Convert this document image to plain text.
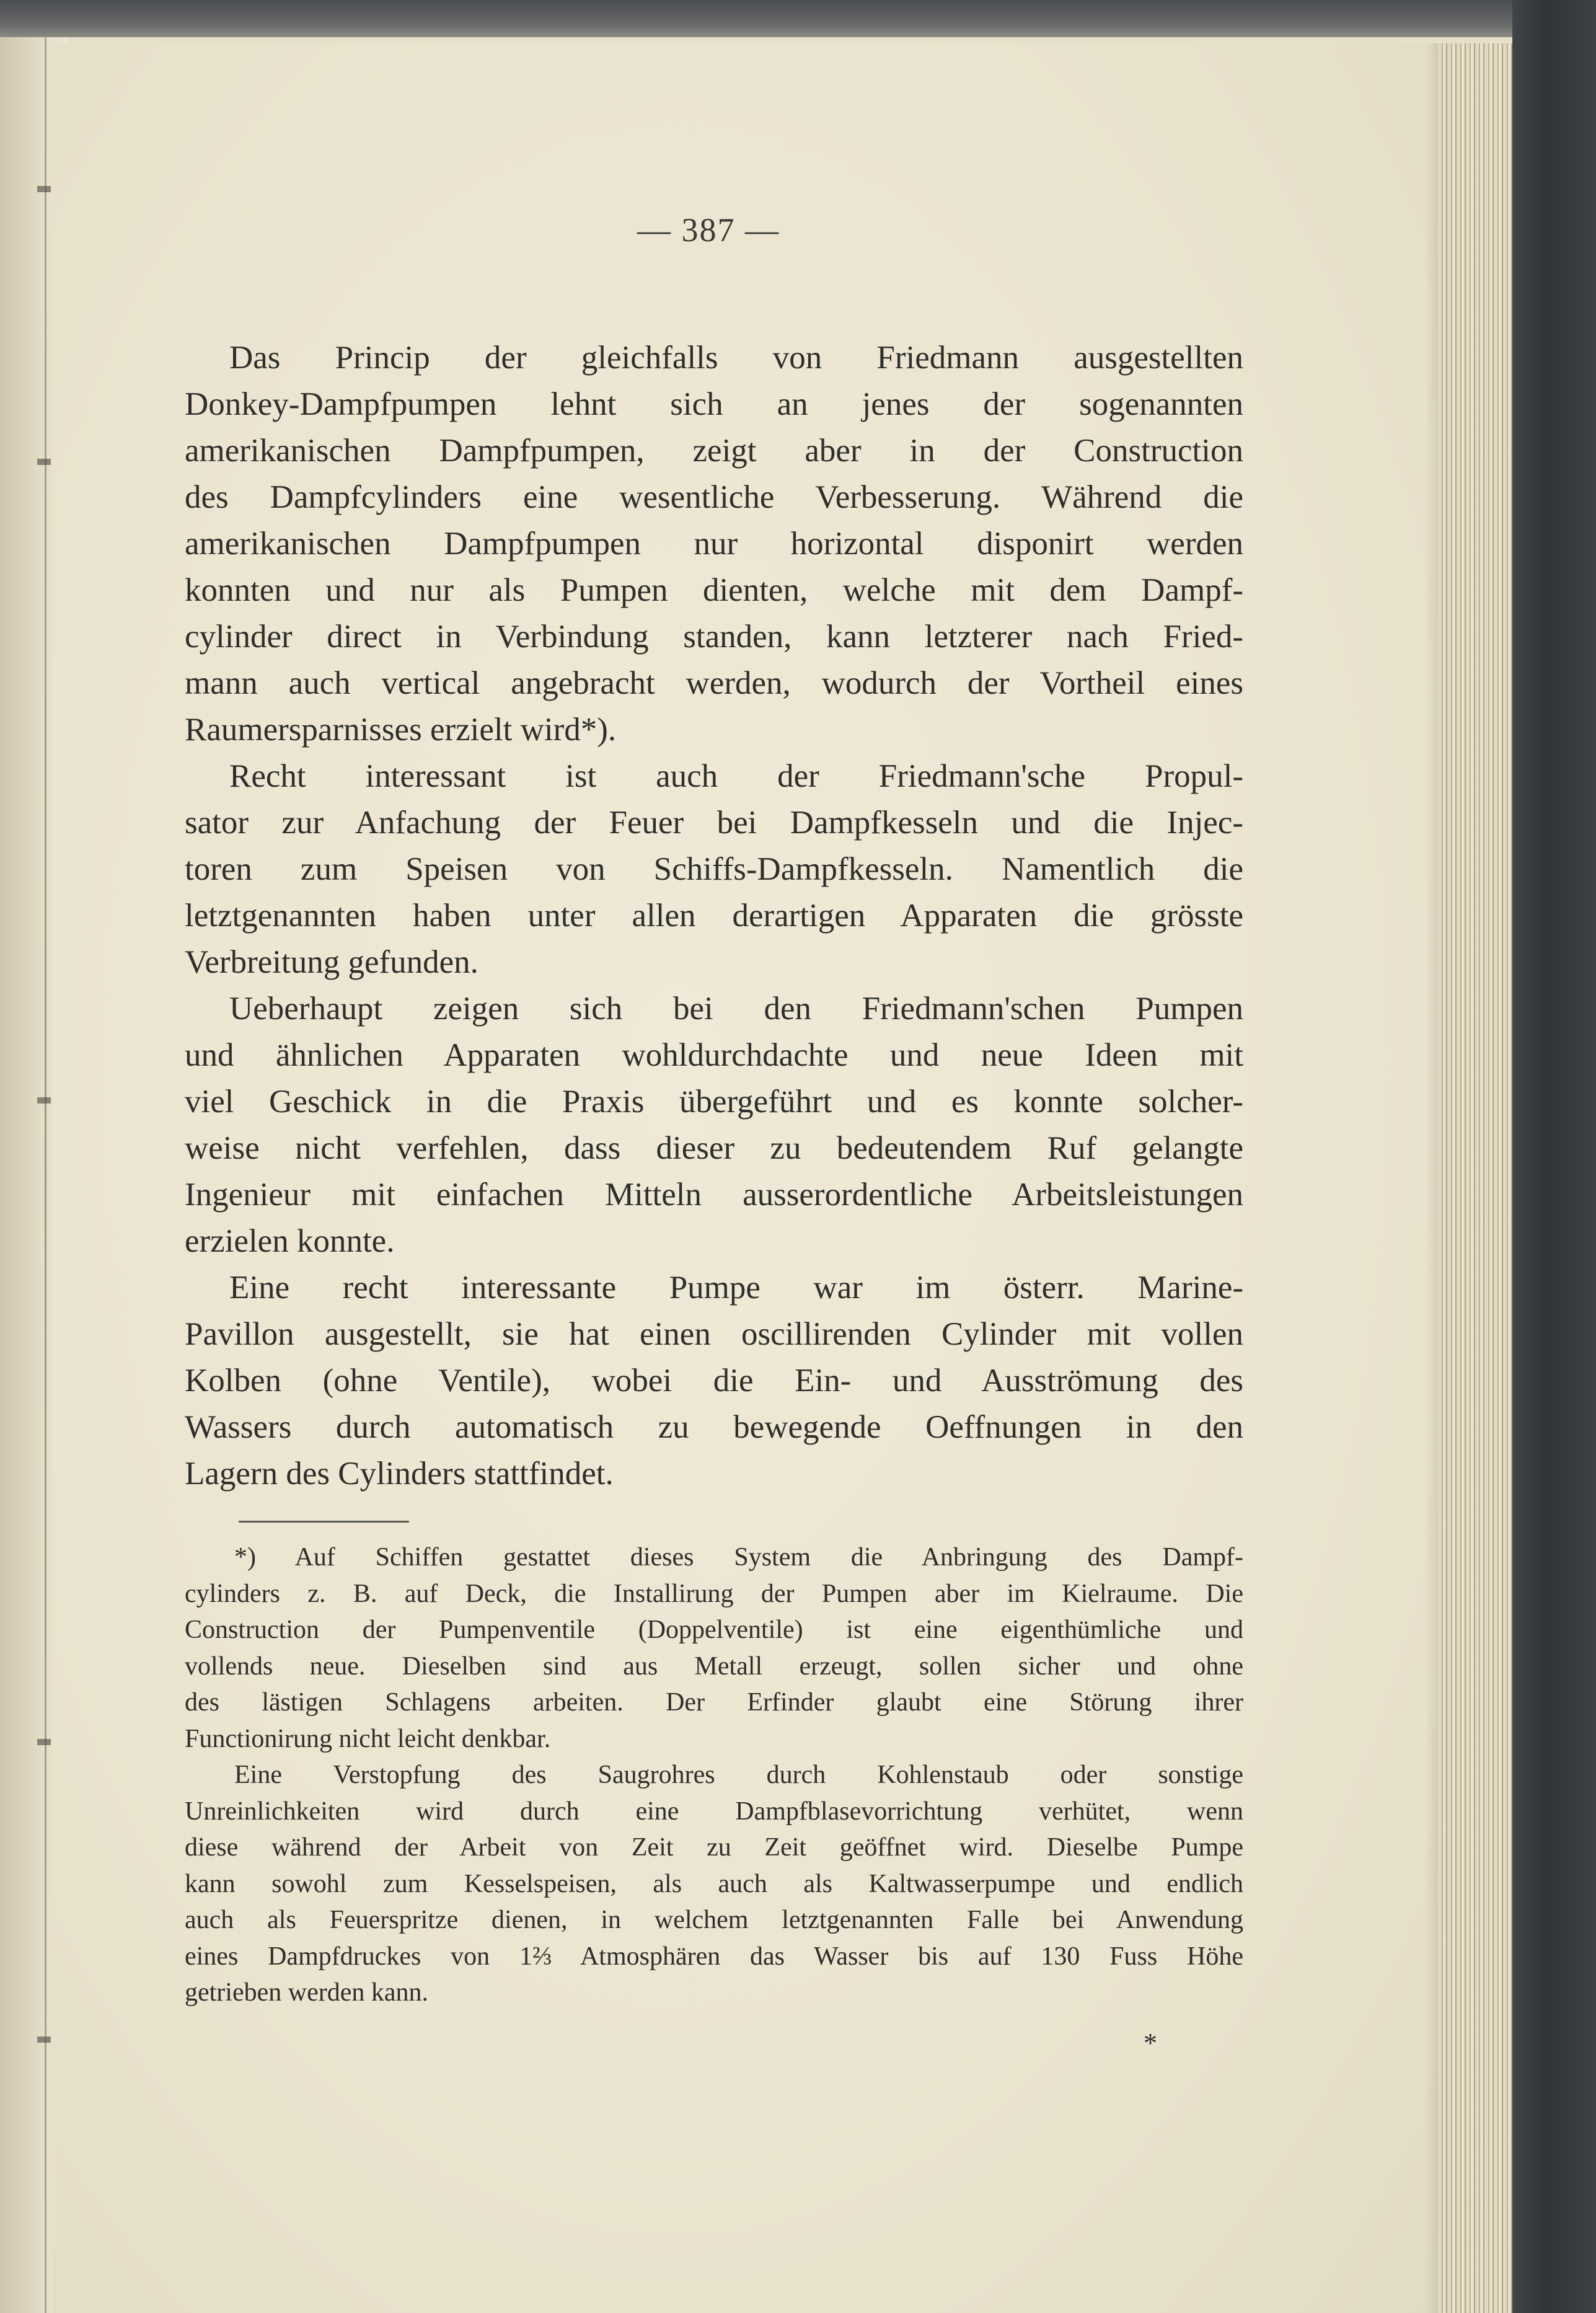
— 387 —
Das Princip der gleichfalls von Friedmann ausgestellten
Donkey-Dampfpumpen lehnt sich an jenes der sogenannten
amerikanischen Dampfpumpen, zeigt aber in der Construction
des Dampfcylinders eine wesentliche Verbesserung. Während die
amerikanischen Dampfpumpen nur horizontal disponirt werden
konnten und nur als Pumpen dienten, welche mit dem Dampf-
cylinder direct in Verbindung standen, kann letzterer nach Fried-
mann auch vertical angebracht werden, wodurch der Vortheil eines
Raumersparnisses erzielt wird*).
Recht interessant ist auch der Friedmann'sche Propul-
sator zur Anfachung der Feuer bei Dampfkesseln und die Injec-
toren zum Speisen von Schiffs-Dampfkesseln. Namentlich die
letztgenannten haben unter allen derartigen Apparaten die grösste
Verbreitung gefunden.
Ueberhaupt zeigen sich bei den Friedmann'schen Pumpen
und ähnlichen Apparaten wohldurchdachte und neue Ideen mit
viel Geschick in die Praxis übergeführt und es konnte solcher-
weise nicht verfehlen, dass dieser zu bedeutendem Ruf gelangte
Ingenieur mit einfachen Mitteln ausserordentliche Arbeitsleistungen
erzielen konnte.
Eine recht interessante Pumpe war im österr. Marine-
Pavillon ausgestellt, sie hat einen oscillirenden Cylinder mit vollen
Kolben (ohne Ventile), wobei die Ein- und Ausströmung des
Wassers durch automatisch zu bewegende Oeffnungen in den
Lagern des Cylinders stattfindet.
*) Auf Schiffen gestattet dieses System die Anbringung des Dampf-
cylinders z. B. auf Deck, die Installirung der Pumpen aber im Kielraume. Die
Construction der Pumpenventile (Doppelventile) ist eine eigenthümliche und
vollends neue. Dieselben sind aus Metall erzeugt, sollen sicher und ohne
des lästigen Schlagens arbeiten. Der Erfinder glaubt eine Störung ihrer
Functionirung nicht leicht denkbar.
Eine Verstopfung des Saugrohres durch Kohlenstaub oder sonstige
Unreinlichkeiten wird durch eine Dampfblasevorrichtung verhütet, wenn
diese während der Arbeit von Zeit zu Zeit geöffnet wird. Dieselbe Pumpe
kann sowohl zum Kesselspeisen, als auch als Kaltwasserpumpe und endlich
auch als Feuerspritze dienen, in welchem letztgenannten Falle bei Anwendung
eines Dampfdruckes von 1⅔ Atmosphären das Wasser bis auf 130 Fuss Höhe
getrieben werden kann.
*
